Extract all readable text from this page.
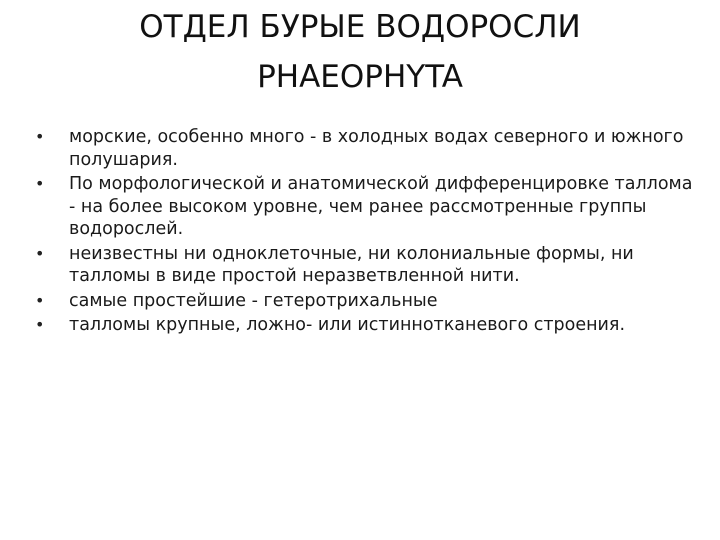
ОТДЕЛ БУРЫЕ ВОДОРОСЛИ
PHAEOPHYTA
• морские, особенно много - в холодных водах северного и южного полушария.
• По морфологической и анатомической дифференцировке талломa - на более высоком уровне, чем ранее рассмотренные группы водорослей.
• неизвестны ни одноклеточные, ни колониальные формы, ни талломы в виде простой неразветвленной нити.
• самые простейшие - гетеротрихальные
• талломы крупные, ложно- или истинноткaневого строения.
